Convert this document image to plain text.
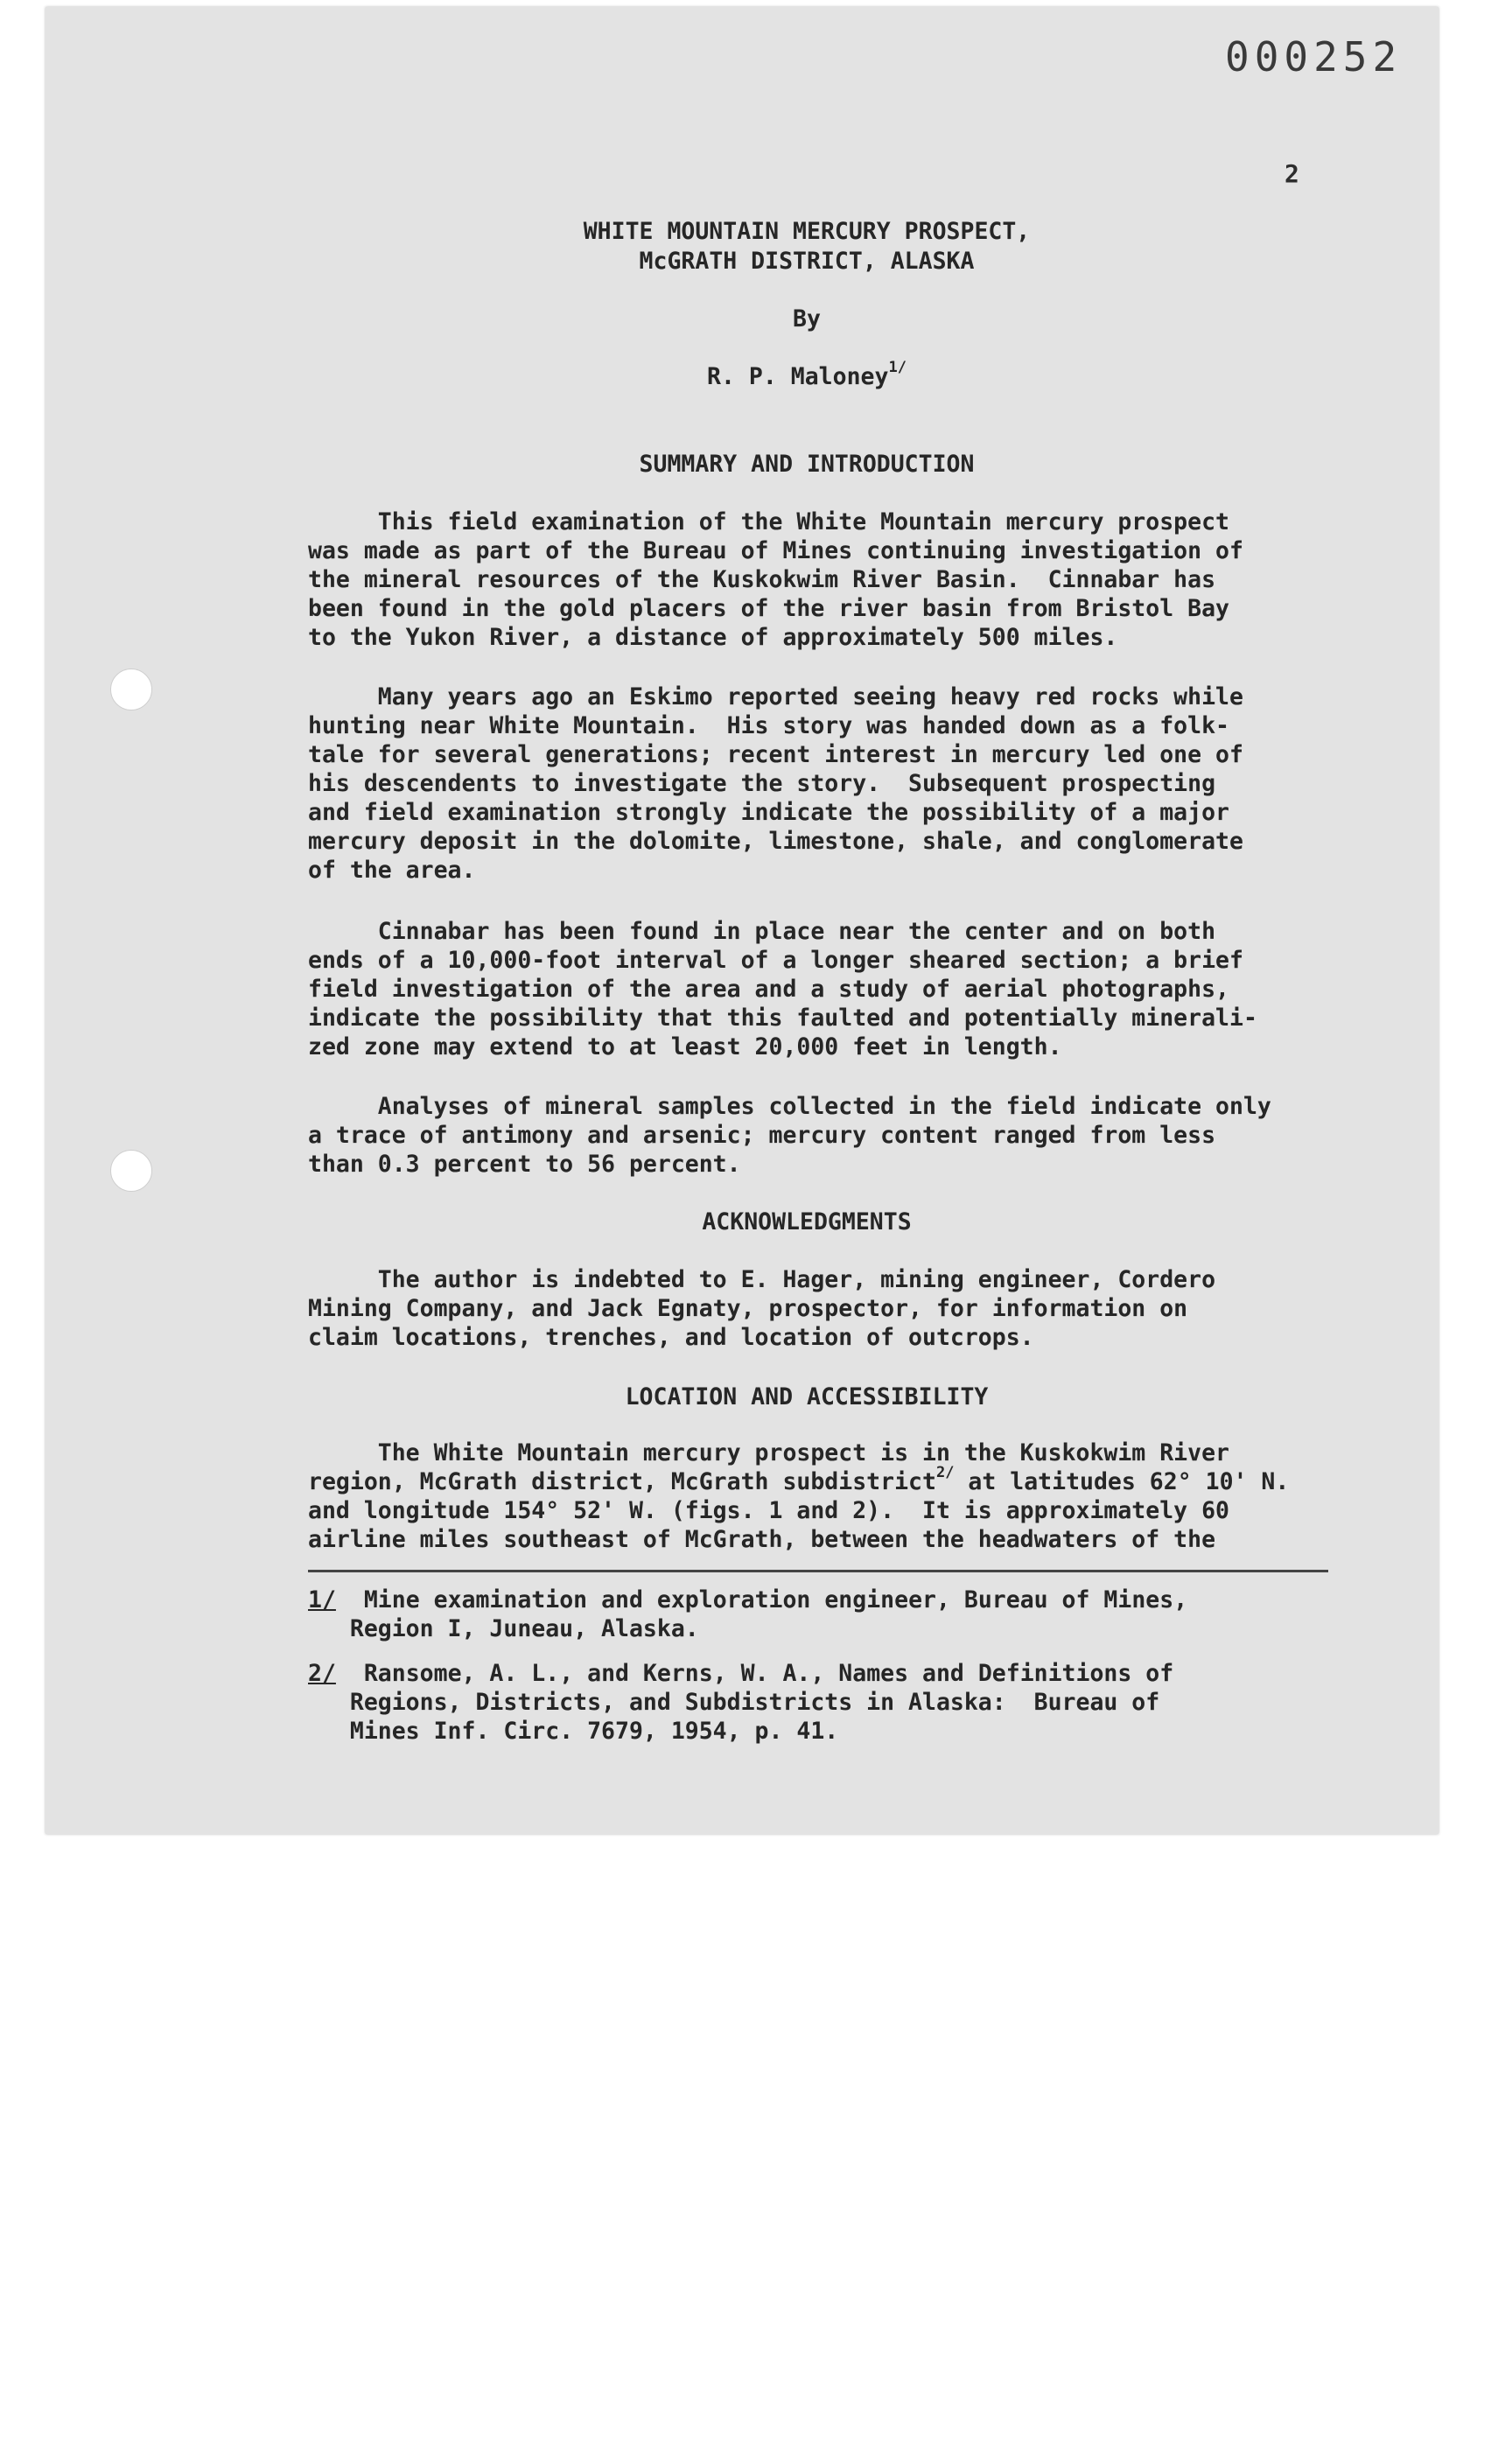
000252
2
WHITE MOUNTAIN MERCURY PROSPECT,
McGRATH DISTRICT, ALASKA
By
R. P. Maloney$^{1/}$
SUMMARY AND INTRODUCTION
This field examination of the White Mountain mercury prospect
was made as part of the Bureau of Mines continuing investigation of
the mineral resources of the Kuskokwim River Basin.  Cinnabar has
been found in the gold placers of the river basin from Bristol Bay
to the Yukon River, a distance of approximately 500 miles.
Many years ago an Eskimo reported seeing heavy red rocks while
hunting near White Mountain.  His story was handed down as a folk-
tale for several generations; recent interest in mercury led one of
his descendents to investigate the story.  Subsequent prospecting
and field examination strongly indicate the possibility of a major
mercury deposit in the dolomite, limestone, shale, and conglomerate
of the area.
Cinnabar has been found in place near the center and on both
ends of a 10,000-foot interval of a longer sheared section; a brief
field investigation of the area and a study of aerial photographs,
indicate the possibility that this faulted and potentially minerali-
zed zone may extend to at least 20,000 feet in length.
Analyses of mineral samples collected in the field indicate only
a trace of antimony and arsenic; mercury content ranged from less
than 0.3 percent to 56 percent.
ACKNOWLEDGMENTS
The author is indebted to E. Hager, mining engineer, Cordero
Mining Company, and Jack Egnaty, prospector, for information on
claim locations, trenches, and location of outcrops.
LOCATION AND ACCESSIBILITY
The White Mountain mercury prospect is in the Kuskokwim River
region, McGrath district, McGrath subdistrict$^{2/}$ at latitudes 62° 10' N.
and longitude 154° 52' W. (figs. 1 and 2).  It is approximately 60
airline miles southeast of McGrath, between the headwaters of the
1/ Mine examination and exploration engineer, Bureau of Mines,
Region I, Juneau, Alaska.
2/ Ransome, A. L., and Kerns, W. A., Names and Definitions of
Regions, Districts, and Subdistricts in Alaska:  Bureau of
Mines Inf. Circ. 7679, 1954, p. 41.
